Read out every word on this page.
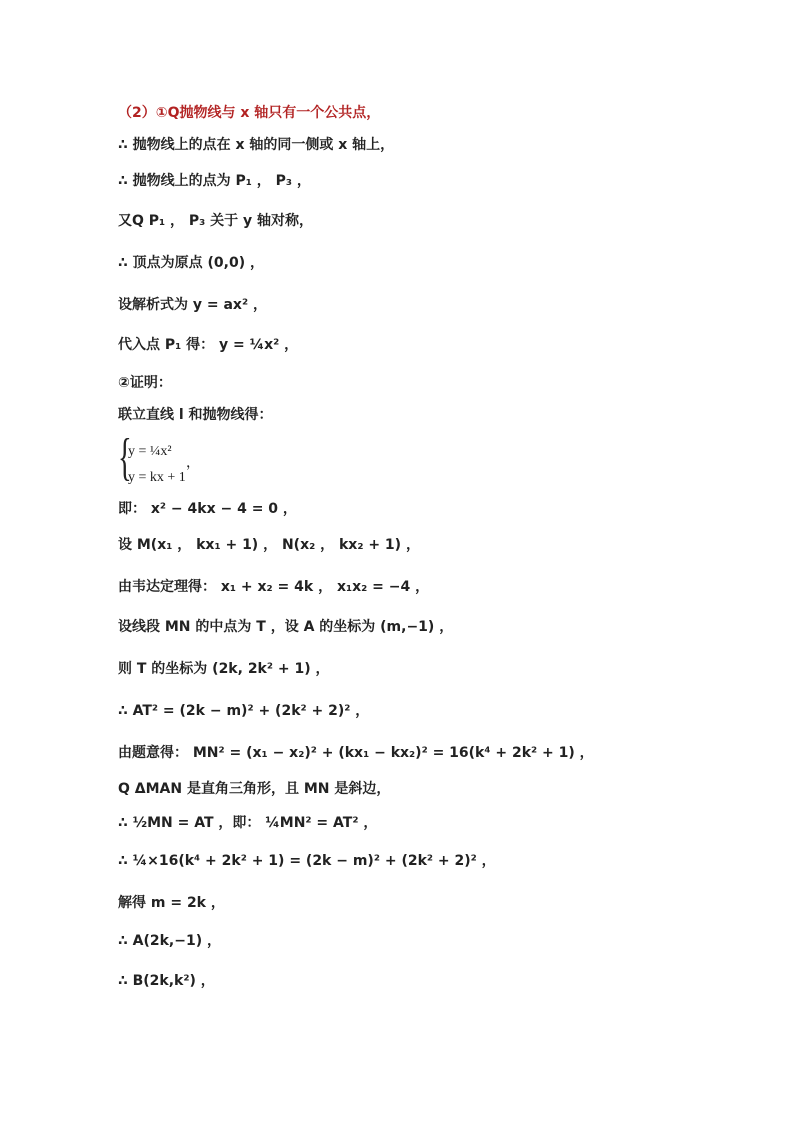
（2）①Q抛物线与 x 轴只有一个公共点，
∴ 抛物线上的点在 x 轴的同一侧或 x 轴上，
∴ 抛物线上的点为 P₁ ， P₃ ，
又Q P₁ ， P₃ 关于 y 轴对称，
∴ 顶点为原点 (0,0) ，
设解析式为 y = ax² ，
代入点 P₁ 得： y = ¼x² ，
②证明：
联立直线 l 和抛物线得：
即： x² − 4kx − 4 = 0 ，
设 M(x₁ ， kx₁ + 1) ， N(x₂ ， kx₂ + 1) ，
由韦达定理得： x₁ + x₂ = 4k ， x₁x₂ = −4 ，
设线段 MN 的中点为 T ，设 A 的坐标为 (m,−1) ，
则 T 的坐标为 (2k, 2k² + 1) ，
∴ AT² = (2k − m)² + (2k² + 2)² ，
由题意得： MN² = (x₁ − x₂)² + (kx₁ − kx₂)² = 16(k⁴ + 2k² + 1) ，
Q ΔMAN 是直角三角形，且 MN 是斜边，
∴ ½MN = AT ，即： ¼MN² = AT² ，
∴ ¼×16(k⁴ + 2k² + 1) = (2k − m)² + (2k² + 2)² ，
解得 m = 2k ，
∴ A(2k,−1) ，
∴ B(2k,k²) ，
{
y = ¼x²
y = kx + 1
，
